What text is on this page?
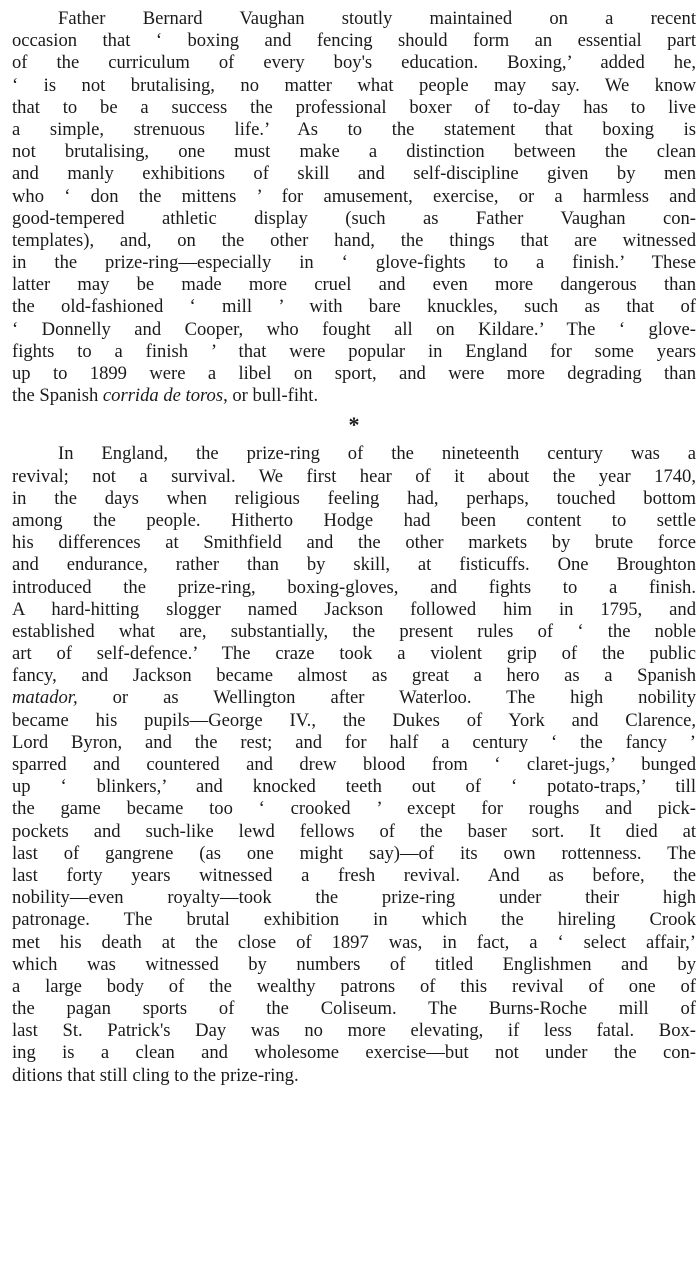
Father Bernard Vaughan stoutly maintained on a recent
occasion that ‘ boxing and fencing should form an essential part
of the curriculum of every boy's education. Boxing,’ added he,
‘ is not brutalising, no matter what people may say. We know
that to be a success the professional boxer of to-day has to live
a simple, strenuous life.’ As to the statement that boxing is
not brutalising, one must make a distinction between the clean
and manly exhibitions of skill and self-discipline given by men
who ‘ don the mittens ’ for amusement, exercise, or a harmless and
good-tempered athletic display (such as Father Vaughan con-
templates), and, on the other hand, the things that are witnessed
in the prize-ring—especially in ‘ glove-fights to a finish.’ These
latter may be made more cruel and even more dangerous than
the old-fashioned ‘ mill ’ with bare knuckles, such as that of
‘ Donnelly and Cooper, who fought all on Kildare.’ The ‘ glove-
fights to a finish ’ that were popular in England for some years
up to 1899 were a libel on sport, and were more degrading than
the Spanish corrida de toros, or bull-fiht.
*
In England, the prize-ring of the nineteenth century was a
revival; not a survival. We first hear of it about the year 1740,
in the days when religious feeling had, perhaps, touched bottom
among the people. Hitherto Hodge had been content to settle
his differences at Smithfield and the other markets by brute force
and endurance, rather than by skill, at fisticuffs. One Broughton
introduced the prize-ring, boxing-gloves, and fights to a finish.
A hard-hitting slogger named Jackson followed him in 1795, and
established what are, substantially, the present rules of ‘ the noble
art of self-defence.’ The craze took a violent grip of the public
fancy, and Jackson became almost as great a hero as a Spanish
matador, or as Wellington after Waterloo. The high nobility
became his pupils—George IV., the Dukes of York and Clarence,
Lord Byron, and the rest; and for half a century ‘ the fancy ’
sparred and countered and drew blood from ‘ claret-jugs,’ bunged
up ‘ blinkers,’ and knocked teeth out of ‘ potato-traps,’ till
the game became too ‘ crooked ’ except for roughs and pick-
pockets and such-like lewd fellows of the baser sort. It died at
last of gangrene (as one might say)—of its own rottenness. The
last forty years witnessed a fresh revival. And as before, the
nobility—even royalty—took the prize-ring under their high
patronage. The brutal exhibition in which the hireling Crook
met his death at the close of 1897 was, in fact, a ‘ select affair,’
which was witnessed by numbers of titled Englishmen and by
a large body of the wealthy patrons of this revival of one of
the pagan sports of the Coliseum. The Burns-Roche mill of
last St. Patrick's Day was no more elevating, if less fatal. Box-
ing is a clean and wholesome exercise—but not under the con-
ditions that still cling to the prize-ring.
